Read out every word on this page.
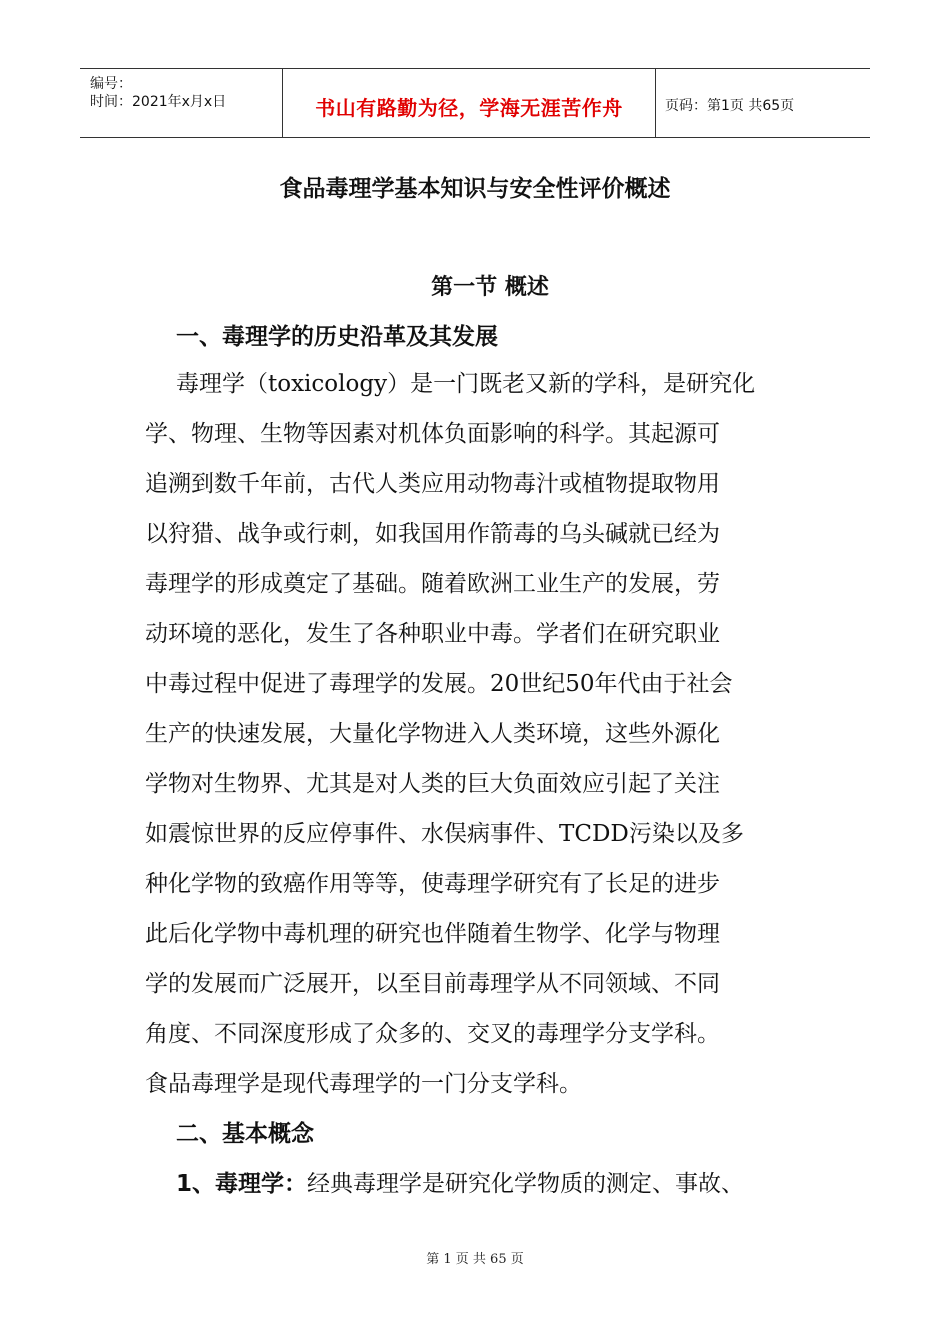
编号：
时间：2021年x月x日	书山有路勤为径，学海无涯苦作舟	页码：第1页 共65页
食品毒理学基本知识与安全性评价概述
第一节 概述
一、毒理学的历史沿革及其发展
毒理学（toxicology）是一门既老又新的学科，是研究化
学、物理、生物等因素对机体负面影响的科学。其起源可
追溯到数千年前，古代人类应用动物毒汁或植物提取物用
以狩猎、战争或行刺，如我国用作箭毒的乌头碱就已经为
毒理学的形成奠定了基础。随着欧洲工业生产的发展，劳
动环境的恶化，发生了各种职业中毒。学者们在研究职业
中毒过程中促进了毒理学的发展。20世纪50年代由于社会
生产的快速发展，大量化学物进入人类环境，这些外源化
学物对生物界、尤其是对人类的巨大负面效应引起了关注
如震惊世界的反应停事件、水俣病事件、TCDD污染以及多
种化学物的致癌作用等等，使毒理学研究有了长足的进步
此后化学物中毒机理的研究也伴随着生物学、化学与物理
学的发展而广泛展开，以至目前毒理学从不同领域、不同
角度、不同深度形成了众多的、交叉的毒理学分支学科。
食品毒理学是现代毒理学的一门分支学科。
二、基本概念
1、毒理学：经典毒理学是研究化学物质的测定、事故、
第 1 页 共 65 页
